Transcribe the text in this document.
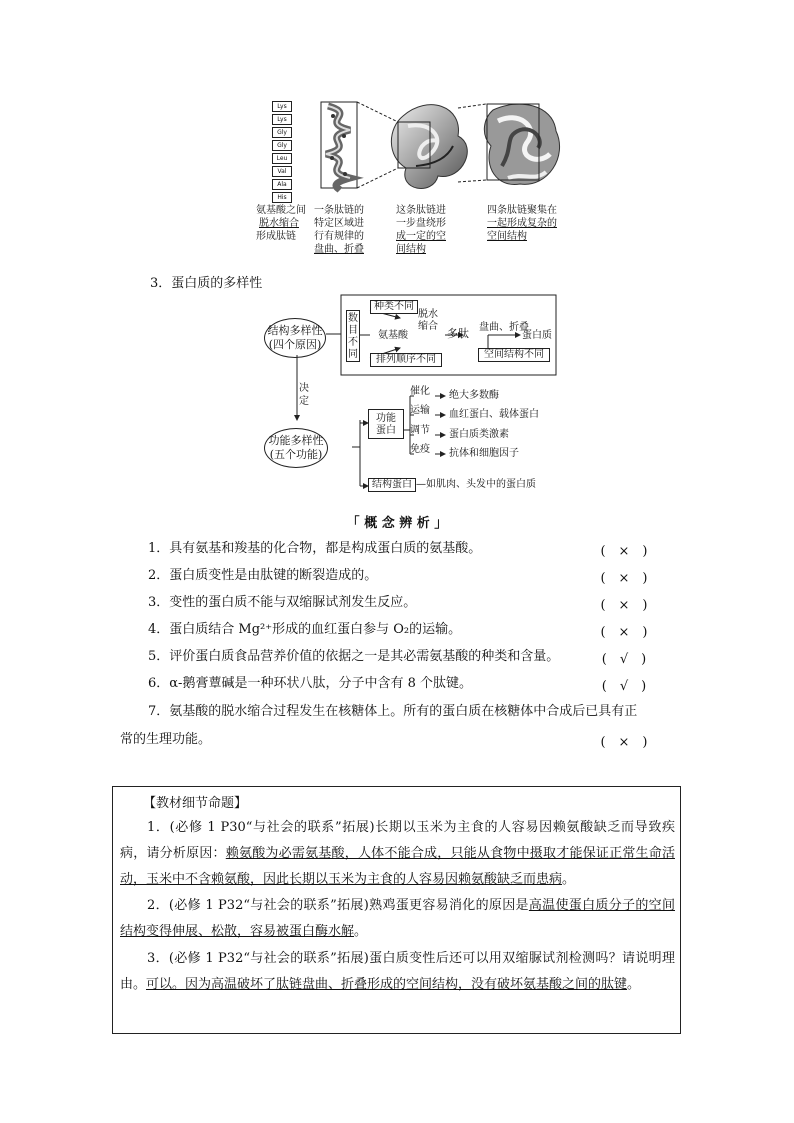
Lys
Lys
Gly
Gly
Leu
Val
Ala
His
氨基酸之间
脱水缩合
形成肽链
一条肽链的
特定区域进
行有规律的
盘曲、折叠
这条肽链进
一步盘绕形
成一定的空
间结构
四条肽链聚集在
一起形成复杂的
空间结构
3．蛋白质的多样性
结构多样性
(四个原因)
决
定
功能多样性
(五个功能)
数
目
不
同
种类不同
排列顺序不同
脱水
缩合
氨基酸	多肽 盘曲、折叠
蛋白质
空间结构不同
功能
蛋白
催化
运输
调节
免疫
绝大多数酶
血红蛋白、载体蛋白
蛋白质类激素
抗体和细胞因子
结构蛋白 —如肌肉、头发中的蛋白质
「 概 念 辨 析 」
1．具有氨基和羧基的化合物，都是构成蛋白质的氨基酸。	(　×　)
2．蛋白质变性是由肽键的断裂造成的。	(　×　)
3．变性的蛋白质不能与双缩脲试剂发生反应。	(　×　)
4．蛋白质结合 Mg²⁺形成的血红蛋白参与 O₂的运输。	(　×　)
5．评价蛋白质食品营养价值的依据之一是其必需氨基酸的种类和含量。	(　√　)
6．α-鹅膏蕈碱是一种环状八肽，分子中含有 8 个肽键。	(　√　)
7．氨基酸的脱水缩合过程发生在核糖体上。所有的蛋白质在核糖体中合成后已具有正
常的生理功能。	(　×　)
【教材细节命题】
1．(必修 1 P30“与社会的联系”拓展)长期以玉米为主食的人容易因赖氨酸缺乏而导致疾病，请分析原因：赖氨酸为必需氨基酸，人体不能合成，只能从食物中摄取才能保证正常生命活动，玉米中不含赖氨酸，因此长期以玉米为主食的人容易因赖氨酸缺乏而患病。
2．(必修 1 P32“与社会的联系”拓展)熟鸡蛋更容易消化的原因是高温使蛋白质分子的空间结构变得伸展、松散，容易被蛋白酶水解。
3．(必修 1 P32“与社会的联系”拓展)蛋白质变性后还可以用双缩脲试剂检测吗？请说明理由。可以。因为高温破坏了肽链盘曲、折叠形成的空间结构，没有破坏氨基酸之间的肽键。
